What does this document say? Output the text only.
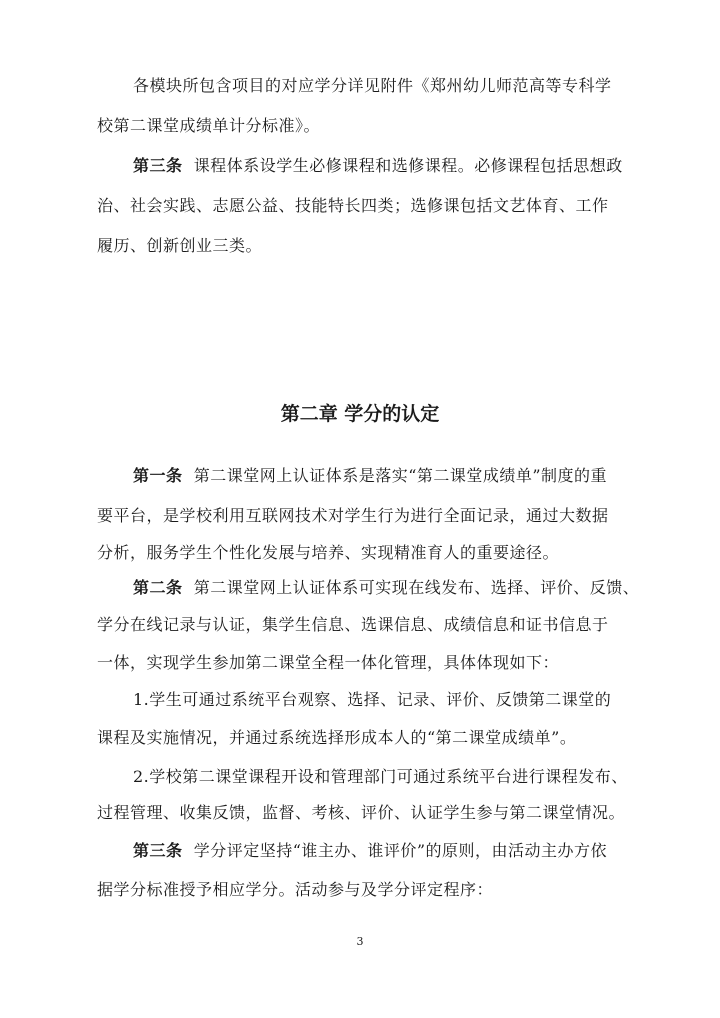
各模块所包含项目的对应学分详见附件《郑州幼儿师范高等专科学
校第二课堂成绩单计分标准》。
第三条 课程体系设学生必修课程和选修课程。必修课程包括思想政
治、社会实践、志愿公益、技能特长四类；选修课包括文艺体育、工作
履历、创新创业三类。
第二章 学分的认定
第一条 第二课堂网上认证体系是落实“第二课堂成绩单”制度的重
要平台，是学校利用互联网技术对学生行为进行全面记录，通过大数据
分析，服务学生个性化发展与培养、实现精准育人的重要途径。
第二条 第二课堂网上认证体系可实现在线发布、选择、评价、反馈、
学分在线记录与认证，集学生信息、选课信息、成绩信息和证书信息于
一体，实现学生参加第二课堂全程一体化管理，具体体现如下：
1.学生可通过系统平台观察、选择、记录、评价、反馈第二课堂的
课程及实施情况，并通过系统选择形成本人的“第二课堂成绩单”。
2.学校第二课堂课程开设和管理部门可通过系统平台进行课程发布、
过程管理、收集反馈，监督、考核、评价、认证学生参与第二课堂情况。
第三条 学分评定坚持“谁主办、谁评价”的原则，由活动主办方依
据学分标准授予相应学分。活动参与及学分评定程序：
3
